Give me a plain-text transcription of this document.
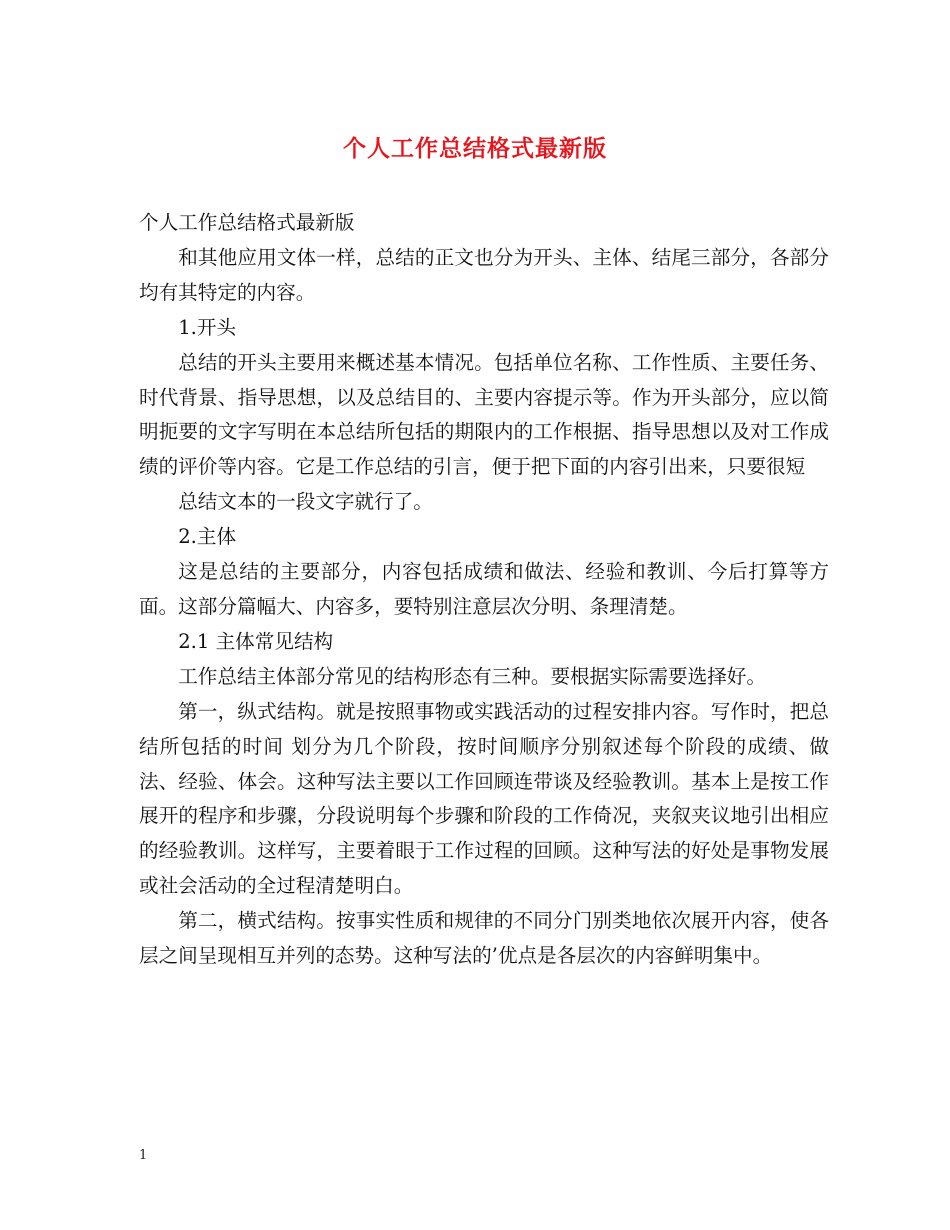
个人工作总结格式最新版

个人工作总结格式最新版

和其他应用文体一样，总结的正文也分为开头、主体、结尾三部分，各部分均有其特定的内容。

1.开头

总结的开头主要用来概述基本情况。包括单位名称、工作性质、主要任务、时代背景、指导思想，以及总结目的、主要内容提示等。作为开头部分，应以简明扼要的文字写明在本总结所包括的期限内的工作根据、指导思想以及对工作成绩的评价等内容。它是工作总结的引言，便于把下面的内容引出来，只要很短

总结文本的一段文字就行了。

2.主体

这是总结的主要部分，内容包括成绩和做法、经验和教训、今后打算等方面。这部分篇幅大、内容多，要特别注意层次分明、条理清楚。

2.1 主体常见结构

工作总结主体部分常见的结构形态有三种。要根据实际需要选择好。

第一，纵式结构。就是按照事物或实践活动的过程安排内容。写作时，把总结所包括的时间 划分为几个阶段，按时间顺序分别叙述每个阶段的成绩、做法、经验、体会。这种写法主要以工作回顾连带谈及经验教训。基本上是按工作展开的程序和步骤，分段说明每个步骤和阶段的工作倚况，夹叙夹议地引出相应的经验教训。这样写，主要着眼于工作过程的回顾。这种写法的好处是事物发展或社会活动的全过程清楚明白。

第二，横式结构。按事实性质和规律的不同分门别类地依次展开内容，使各层之间呈现相互并列的态势。这种写法的’优点是各层次的内容鲜明集中。

1
